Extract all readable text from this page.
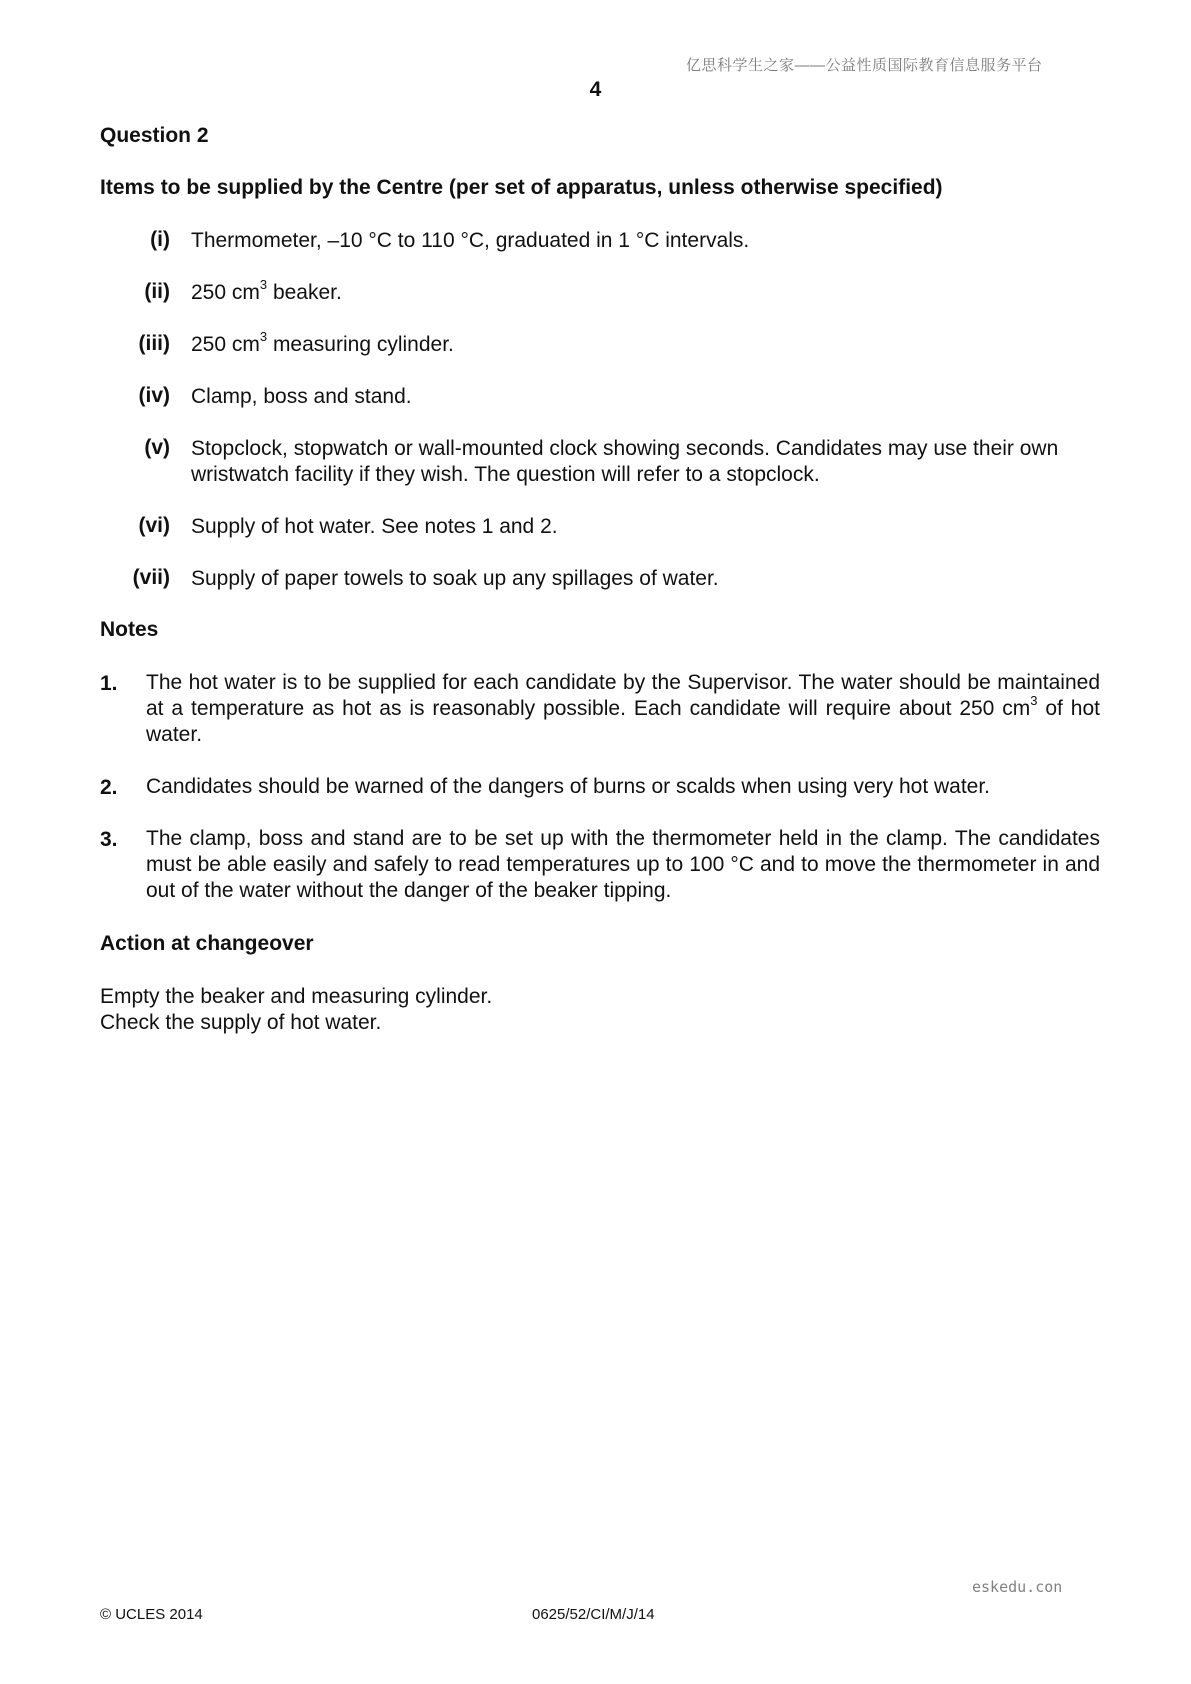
亿思科学生之家——公益性质国际教育信息服务平台
4
Question 2
Items to be supplied by the Centre (per set of apparatus, unless otherwise specified)
(i) Thermometer, –10 °C to 110 °C, graduated in 1 °C intervals.
(ii) 250 $cm^3$ beaker.
(iii) 250 $cm^3$ measuring cylinder.
(iv) Clamp, boss and stand.
(v) Stopclock, stopwatch or wall-mounted clock showing seconds. Candidates may use their own
wristwatch facility if they wish. The question will refer to a stopclock.
(vi) Supply of hot water. See notes 1 and 2.
(vii) Supply of paper towels to soak up any spillages of water.
Notes
1. The hot water is to be supplied for each candidate by the Supervisor. The water should be maintained at a temperature as hot as is reasonably possible. Each candidate will require about 250 $cm^3$ of hot water.
2. Candidates should be warned of the dangers of burns or scalds when using very hot water.
3. The clamp, boss and stand are to be set up with the thermometer held in the clamp. The candidates must be able easily and safely to read temperatures up to 100 °C and to move the thermometer in and out of the water without the danger of the beaker tipping.
Action at changeover
Empty the beaker and measuring cylinder.
Check the supply of hot water.
eskedu.con
© UCLES 2014	0625/52/CI/M/J/14
